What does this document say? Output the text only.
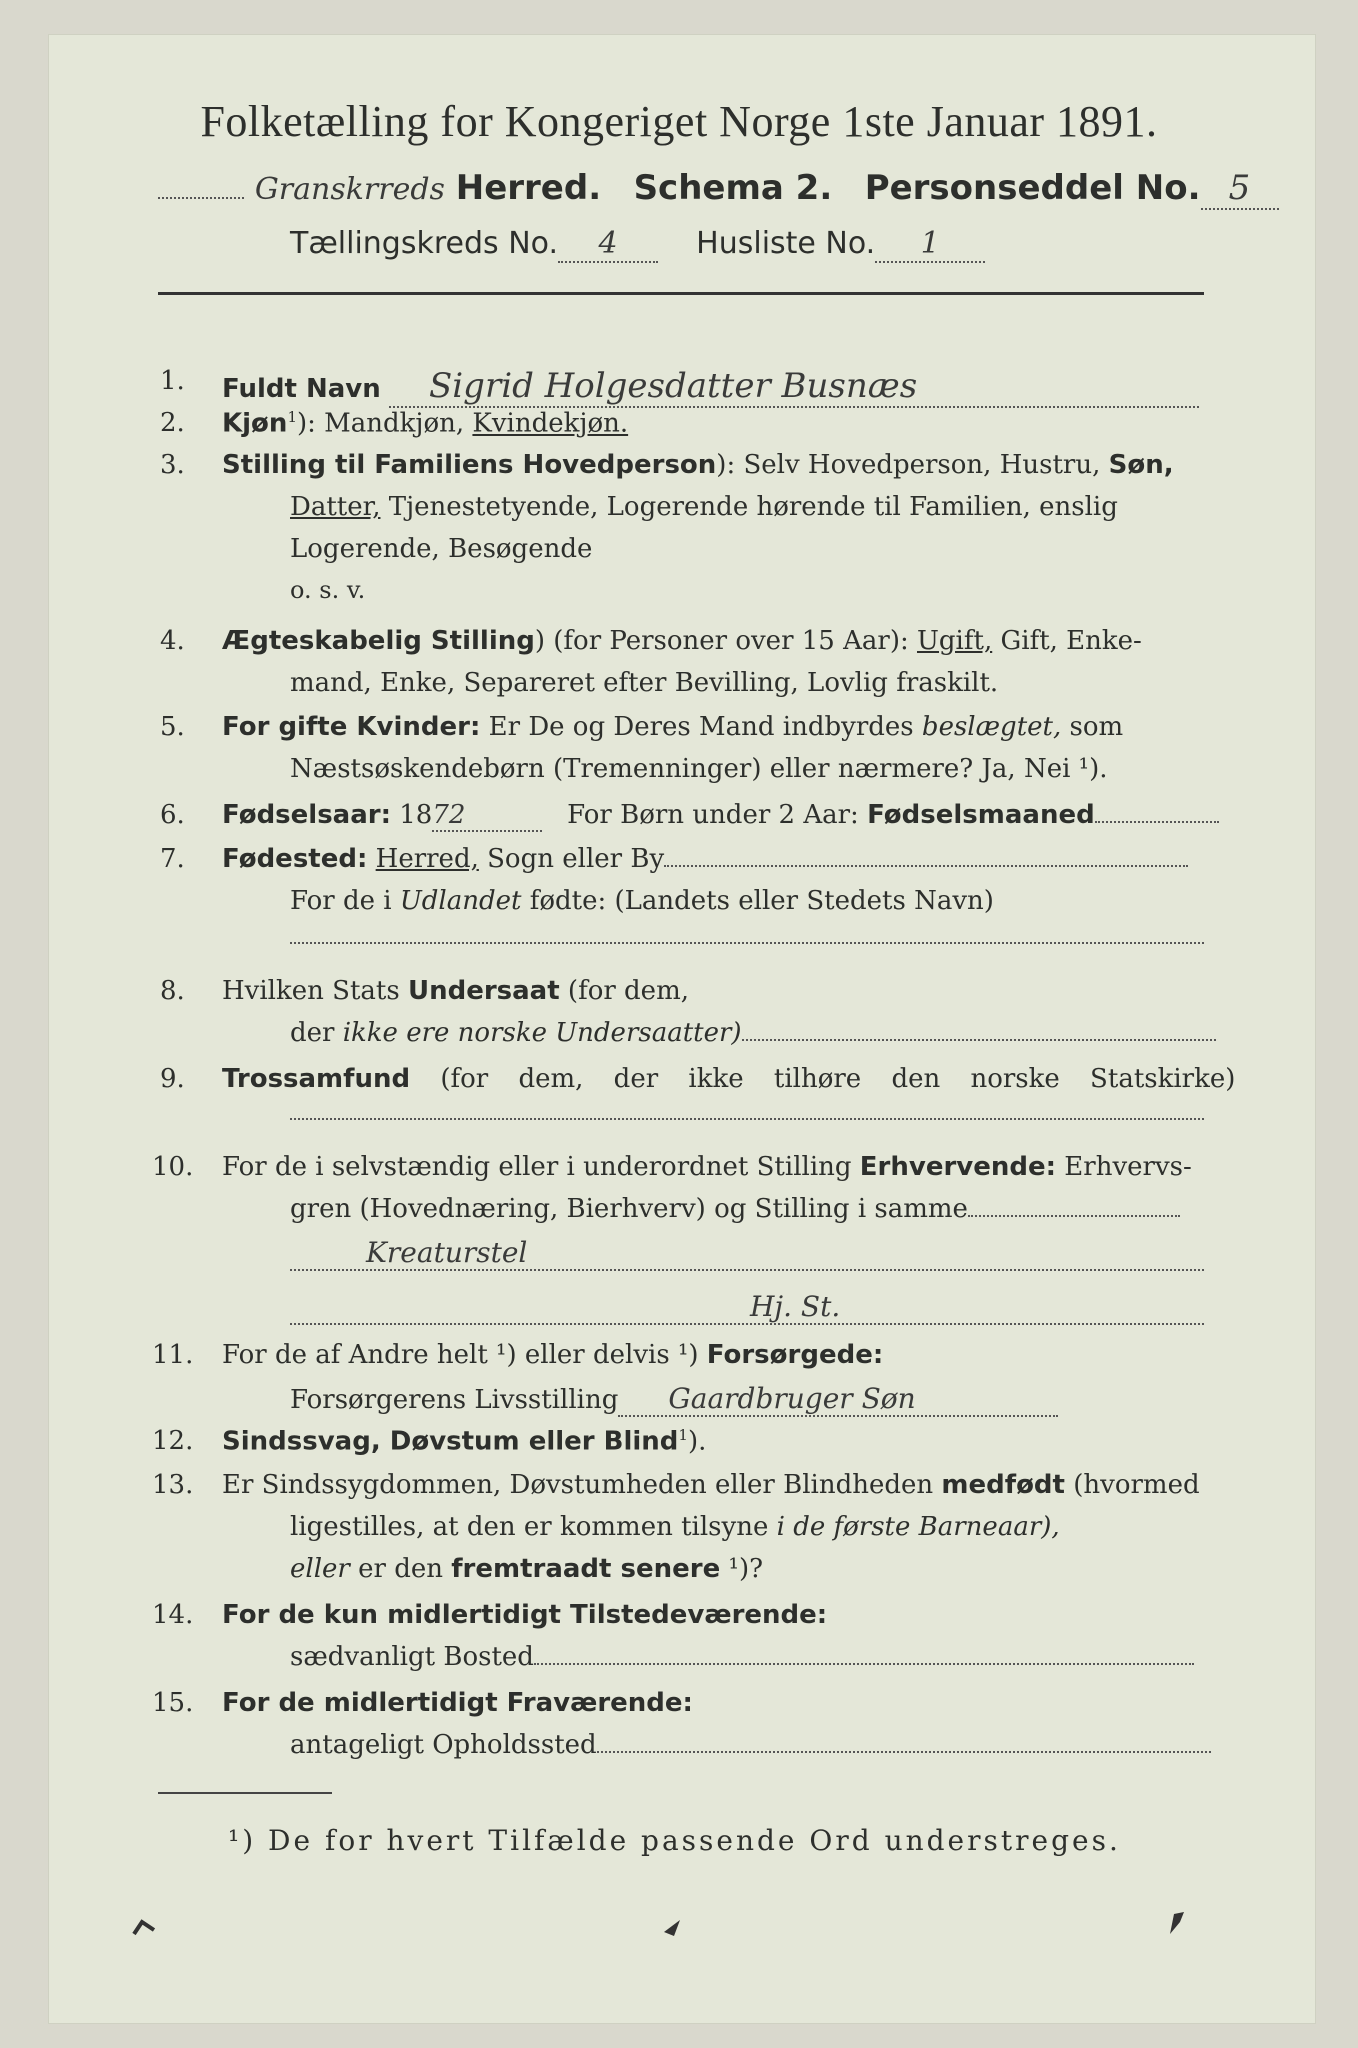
Folketælling for Kongeriget Norge 1ste Januar 1891.
Granskrreds Herred. Schema 2. Personseddel No. 5
Tællingskreds No. 4	Husliste No. 1
1. Fuldt Navn Sigrid Holgesdatter Busnæs
2. Kjøn$^1$): Mandkjøn, Kvindekjøn.
3. Stilling til Familiens Hovedperson): Selv Hovedperson, Hustru, Søn,
Datter, Tjenestetyende, Logerende hørende til Familien, enslig
Logerende, Besøgende
o. s. v.
4. Ægteskabelig Stilling) (for Personer over 15 Aar): Ugift, Gift, Enke-
mand, Enke, Separeret efter Bevilling, Lovlig fraskilt.
5. For gifte Kvinder: Er De og Deres Mand indbyrdes beslægtet, som
Næstsøskendebørn (Tremenninger) eller nærmere? Ja, Nei ¹).
6. Fødselsaar: 1872	For Børn under 2 Aar: Fødselsmaaned
7. Fødested: Herred, Sogn eller By
For de i Udlandet fødte: (Landets eller Stedets Navn)
8. Hvilken Stats Undersaat (for dem,
der ikke ere norske Undersaatter)
9. Trossamfund (for dem, der ikke tilhøre den norske Statskirke)
10. For de i selvstændig eller i underordnet Stilling Erhvervende: Erhvervs-
gren (Hovednæring, Bierhverv) og Stilling i samme
Kreaturstel
Hj. St.
11. For de af Andre helt ¹) eller delvis ¹) Forsørgede:
Forsørgerens Livsstilling Gaardbruger Søn
12. Sindssvag, Døvstum eller Blind$^1$).
13. Er Sindssygdommen, Døvstumheden eller Blindheden medfødt (hvormed
ligestilles, at den er kommen tilsyne i de første Barneaar),
eller er den fremtraadt senere ¹)?
14. For de kun midlertidigt Tilstedeværende:
sædvanligt Bosted
15. For de midlertidigt Fraværende:
antageligt Opholdssted
¹) De for hvert Tilfælde passende Ord understreges.
